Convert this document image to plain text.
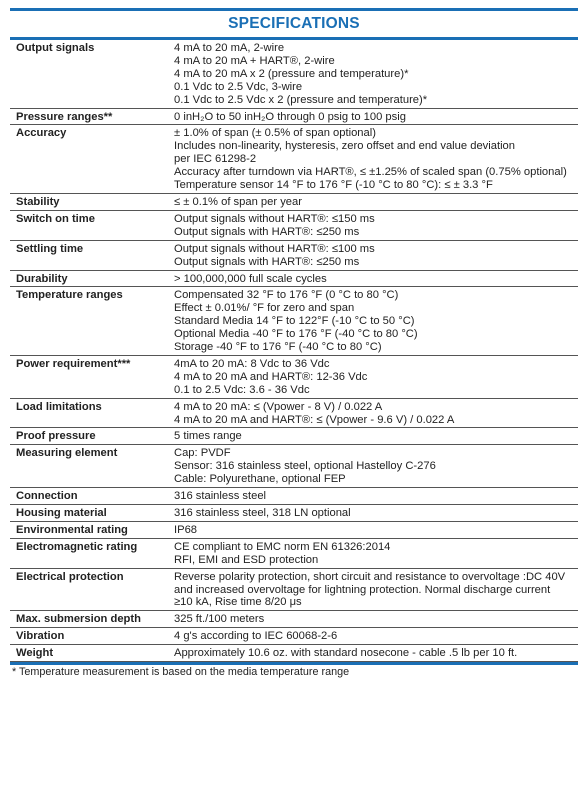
SPECIFICATIONS
Output signals	4 mA to 20 mA, 2-wire
4 mA to 20 mA + HART®, 2-wire
4 mA to 20 mA x 2 (pressure and temperature)*
0.1 Vdc to 2.5 Vdc, 3-wire
0.1 Vdc to 2.5 Vdc x 2 (pressure and temperature)*

Pressure ranges**	0 inH₂O to 50 inH₂O through 0 psig to 100 psig

Accuracy	± 1.0% of span (± 0.5% of span optional)
Includes non-linearity, hysteresis, zero offset and end value deviation
per IEC 61298-2
Accuracy after turndown via HART®, ≤ ±1.25% of scaled span (0.75% optional)
Temperature sensor 14 °F to 176 °F (-10 °C to 80 °C): ≤ ± 3.3 °F

Stability	≤ ± 0.1% of span per year

Switch on time	Output signals without HART®: ≤150 ms
Output signals with HART®: ≤250 ms

Settling time	Output signals without HART®: ≤100 ms
Output signals with HART®: ≤250 ms

Durability	> 100,000,000 full scale cycles

Temperature ranges	Compensated 32 °F to 176 °F (0 °C to 80 °C)
Effect ± 0.01%/ °F for zero and span
Standard Media 14 °F to 122°F (-10 °C to 50 °C)
Optional Media -40 °F to 176 °F (-40 °C to 80 °C)
Storage -40 °F to 176 °F (-40 °C to 80 °C)

Power requirement***	4mA to 20 mA: 8 Vdc to 36 Vdc
4 mA to 20 mA and HART®: 12-36 Vdc
0.1 to 2.5 Vdc: 3.6 - 36 Vdc

Load limitations	4 mA to 20 mA: ≤ (Vpower - 8 V) / 0.022 A
4 mA to 20 mA and HART®: ≤ (Vpower - 9.6 V) / 0.022 A

Proof pressure	5 times range

Measuring element	Cap: PVDF
Sensor: 316 stainless steel, optional Hastelloy C-276
Cable: Polyurethane, optional FEP

Connection	316 stainless steel

Housing material	316 stainless steel, 318 LN optional

Environmental rating	IP68

Electromagnetic rating	CE compliant to EMC norm EN 61326:2014
RFI, EMI and ESD protection

Electrical protection	Reverse polarity protection, short circuit and resistance to overvoltage :DC 40V
and increased overvoltage for lightning protection. Normal discharge current
≥10 kA, Rise time 8/20 μs

Max. submersion depth	325 ft./100 meters

Vibration	4 g's according to IEC 60068-2-6

Weight	Approximately 10.6 oz. with standard nosecone - cable .5 lb per 10 ft.
* Temperature measurement is based on the media temperature range
